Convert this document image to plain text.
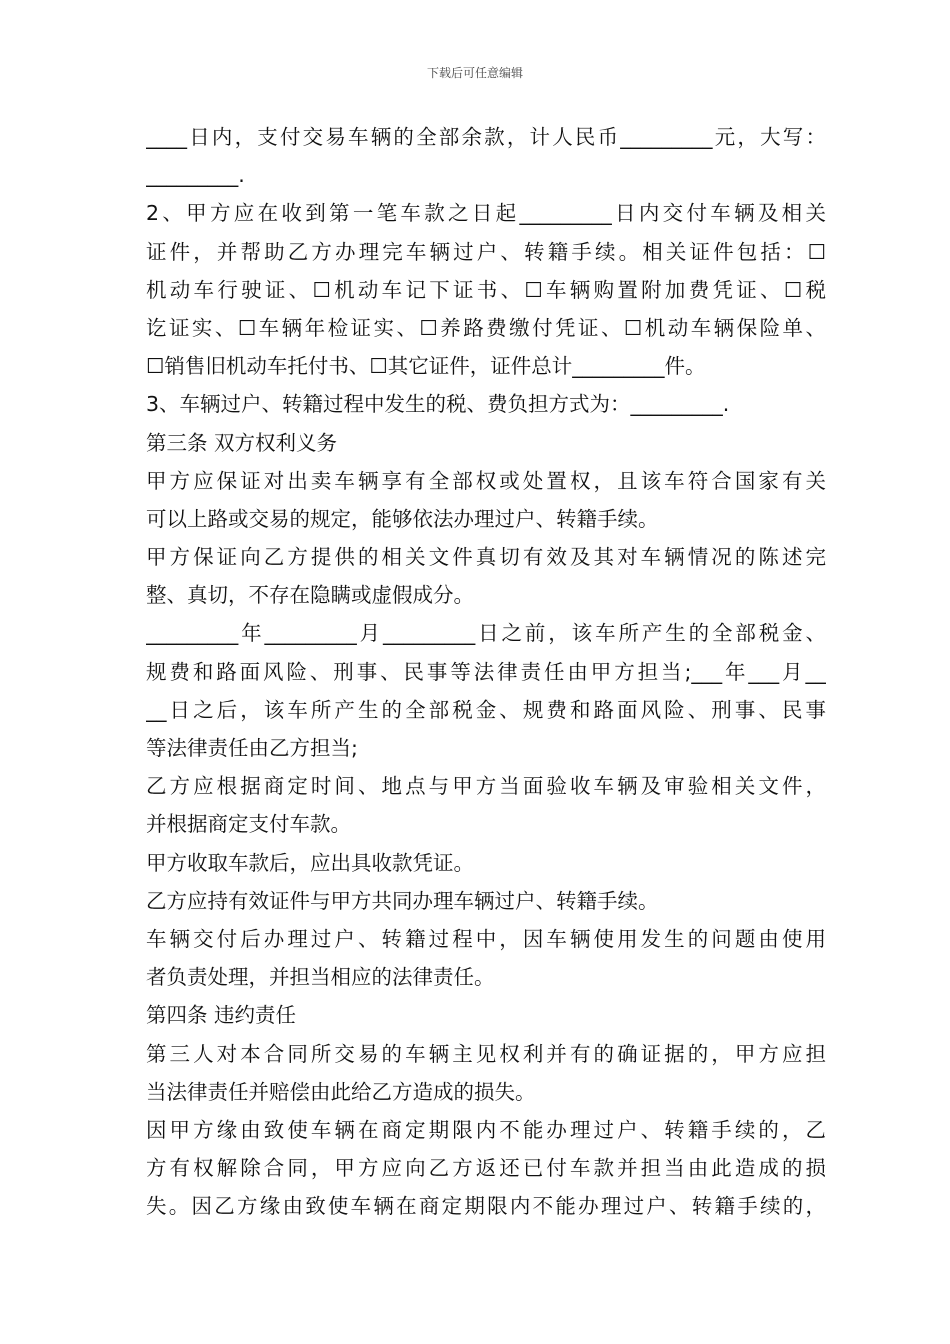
下载后可任意编辑
____日内，支付交易车辆的全部余款，计人民币_________元，大写：
_________.
2、甲方应在收到第一笔车款之日起_________日内交付车辆及相关
证件，并帮助乙方办理完车辆过户、转籍手续。相关证件包括：☐
机动车行驶证、☐机动车记下证书、☐车辆购置附加费凭证、☐税
讫证实、☐车辆年检证实、☐养路费缴付凭证、☐机动车辆保险单、
☐销售旧机动车托付书、☐其它证件，证件总计_________件。
3、车辆过户、转籍过程中发生的税、费负担方式为：_________.
第三条 双方权利义务
甲方应保证对出卖车辆享有全部权或处置权，且该车符合国家有关
可以上路或交易的规定，能够依法办理过户、转籍手续。
甲方保证向乙方提供的相关文件真切有效及其对车辆情况的陈述完
整、真切，不存在隐瞒或虚假成分。
_________年_________月_________日之前，该车所产生的全部税金、
规费和路面风险、刑事、民事等法律责任由甲方担当;___年___月__
__日之后，该车所产生的全部税金、规费和路面风险、刑事、民事
等法律责任由乙方担当;
乙方应根据商定时间、地点与甲方当面验收车辆及审验相关文件，
并根据商定支付车款。
甲方收取车款后，应出具收款凭证。
乙方应持有效证件与甲方共同办理车辆过户、转籍手续。
车辆交付后办理过户、转籍过程中，因车辆使用发生的问题由使用
者负责处理，并担当相应的法律责任。
第四条 违约责任
第三人对本合同所交易的车辆主见权利并有的确证据的，甲方应担
当法律责任并赔偿由此给乙方造成的损失。
因甲方缘由致使车辆在商定期限内不能办理过户、转籍手续的，乙
方有权解除合同，甲方应向乙方返还已付车款并担当由此造成的损
失。因乙方缘由致使车辆在商定期限内不能办理过户、转籍手续的，
